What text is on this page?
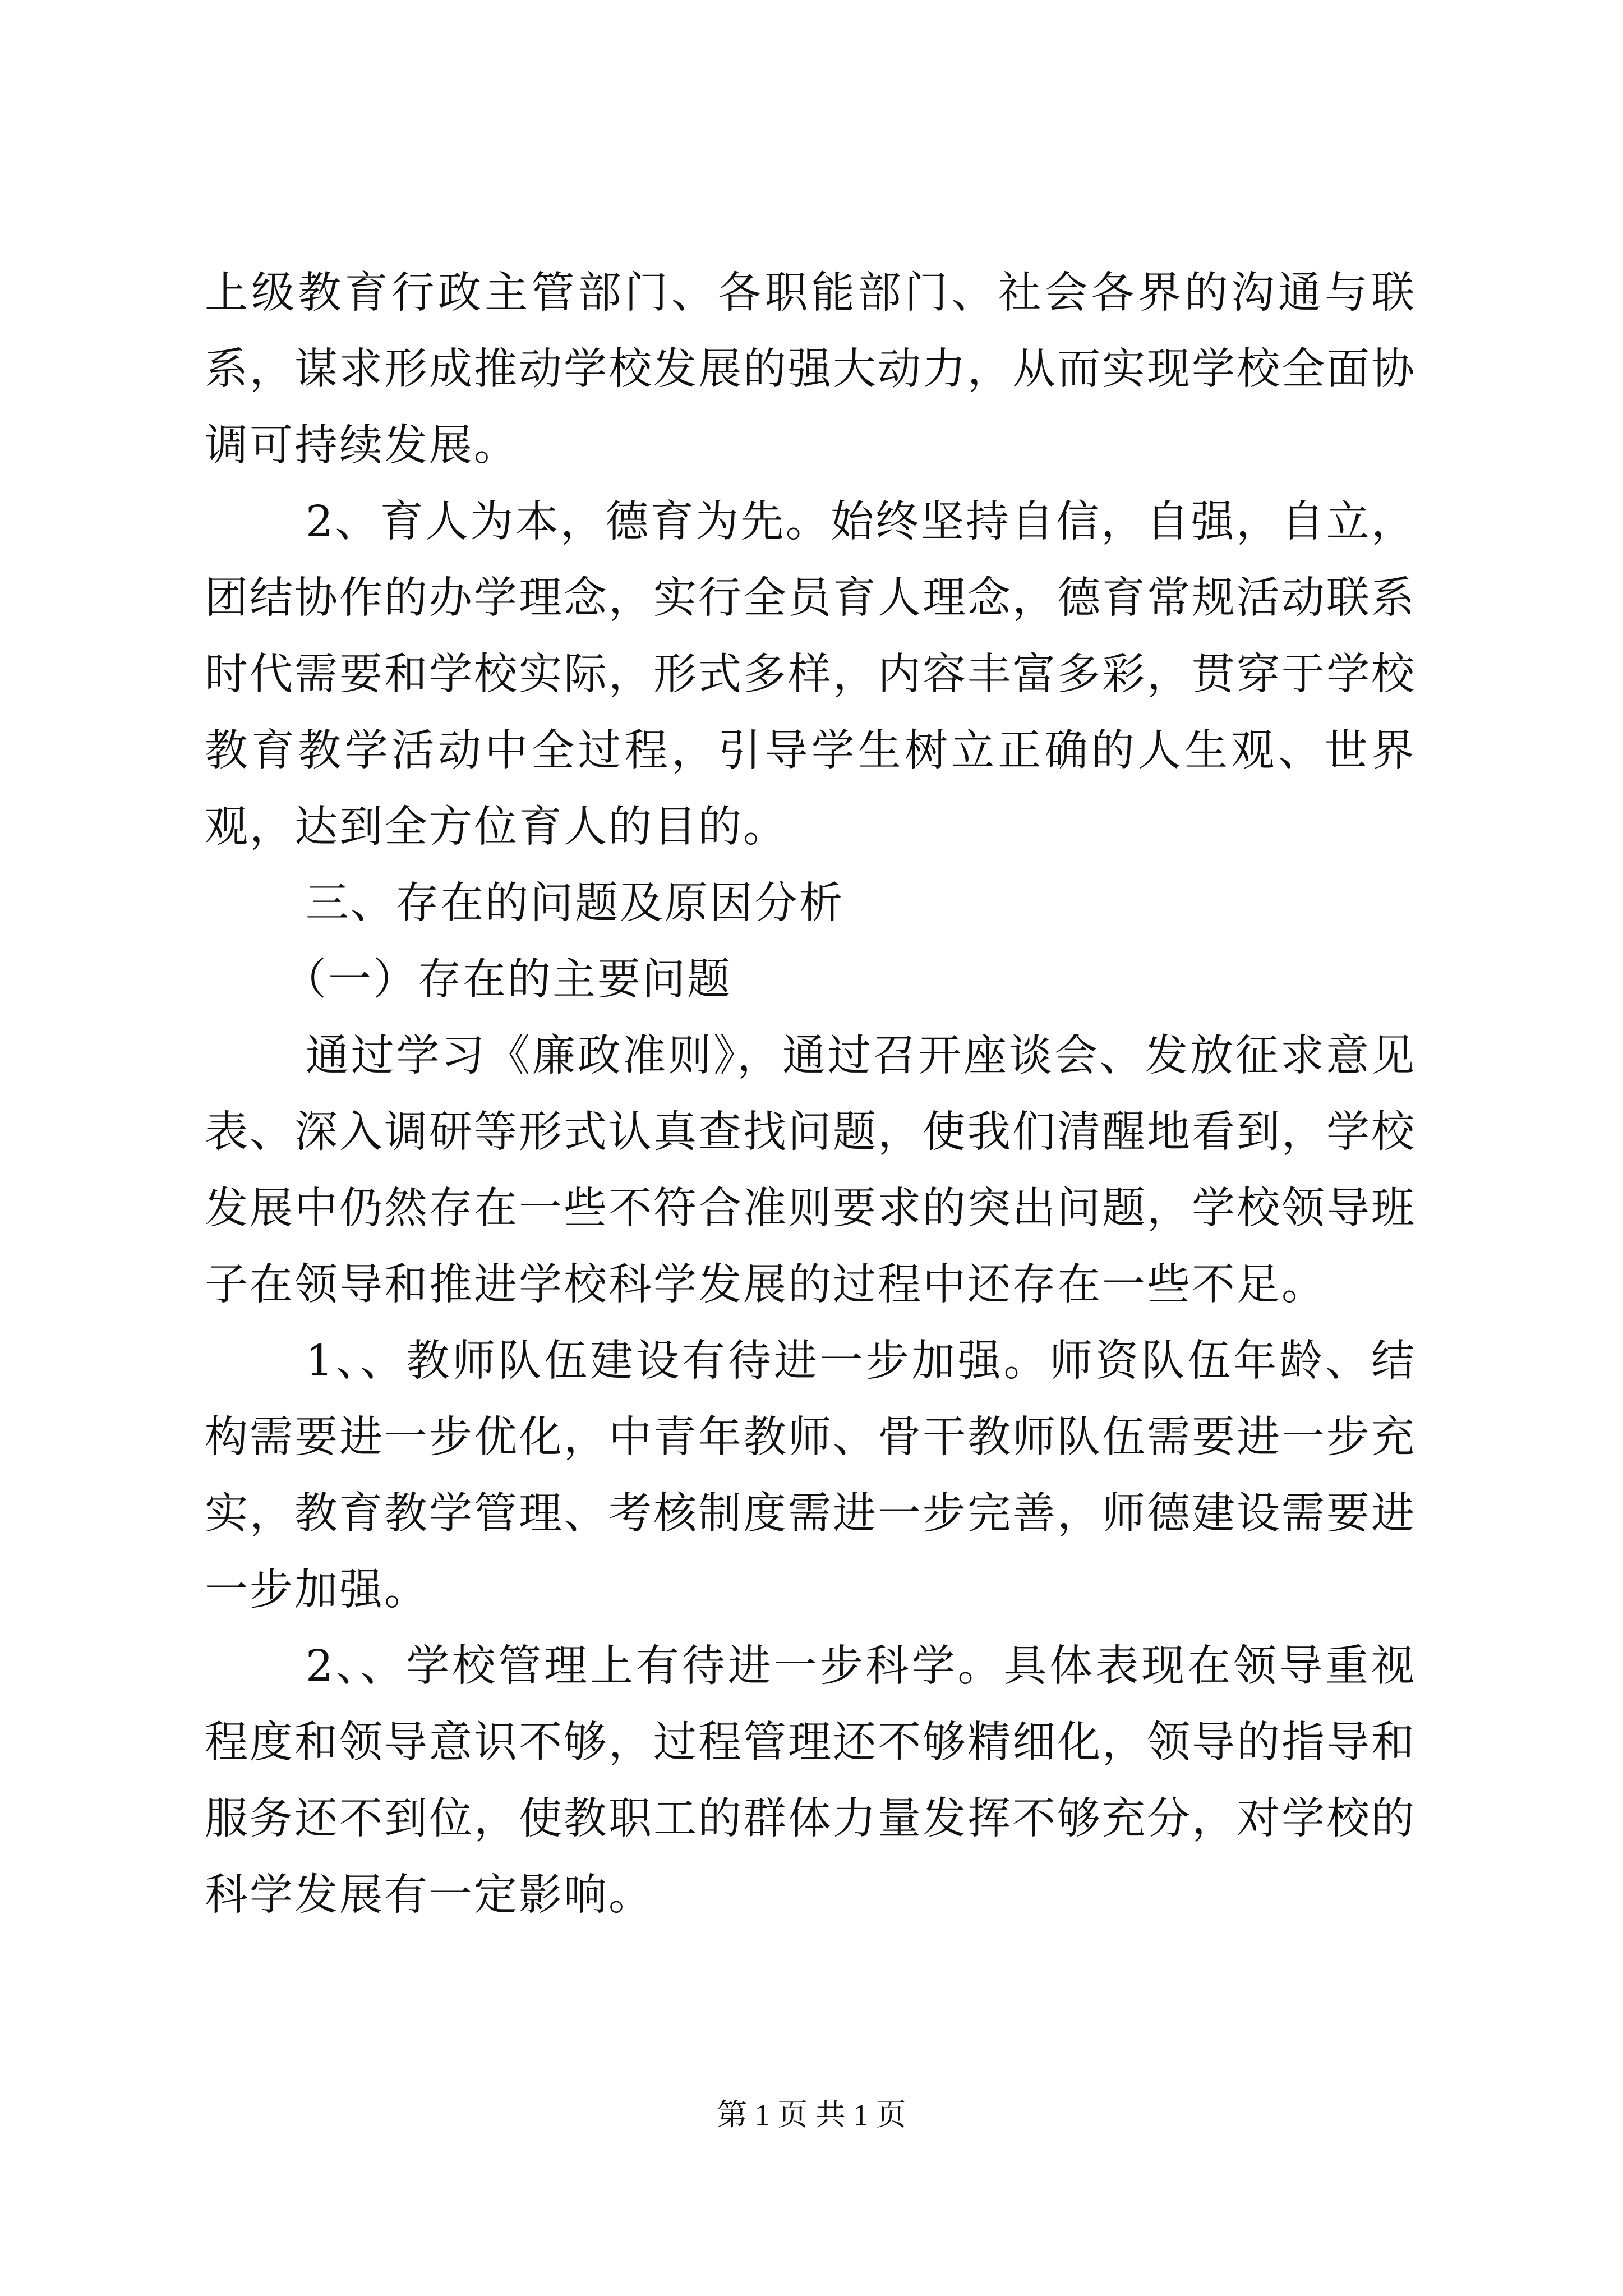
上级教育行政主管部门、各职能部门、社会各界的沟通与联系，谋求形成推动学校发展的强大动力，从而实现学校全面协调可持续发展。

2、育人为本，德育为先。始终坚持自信，自强，自立，团结协作的办学理念，实行全员育人理念，德育常规活动联系时代需要和学校实际，形式多样，内容丰富多彩，贯穿于学校教育教学活动中全过程，引导学生树立正确的人生观、世界观，达到全方位育人的目的。

三、存在的问题及原因分析

（一）存在的主要问题

通过学习《廉政准则》，通过召开座谈会、发放征求意见表、深入调研等形式认真查找问题，使我们清醒地看到，学校发展中仍然存在一些不符合准则要求的突出问题，学校领导班子在领导和推进学校科学发展的过程中还存在一些不足。

1、、教师队伍建设有待进一步加强。师资队伍年龄、结构需要进一步优化，中青年教师、骨干教师队伍需要进一步充实，教育教学管理、考核制度需进一步完善，师德建设需要进一步加强。

2、、学校管理上有待进一步科学。具体表现在领导重视程度和领导意识不够，过程管理还不够精细化，领导的指导和服务还不到位，使教职工的群体力量发挥不够充分，对学校的科学发展有一定影响。

第 1 页 共 1 页
